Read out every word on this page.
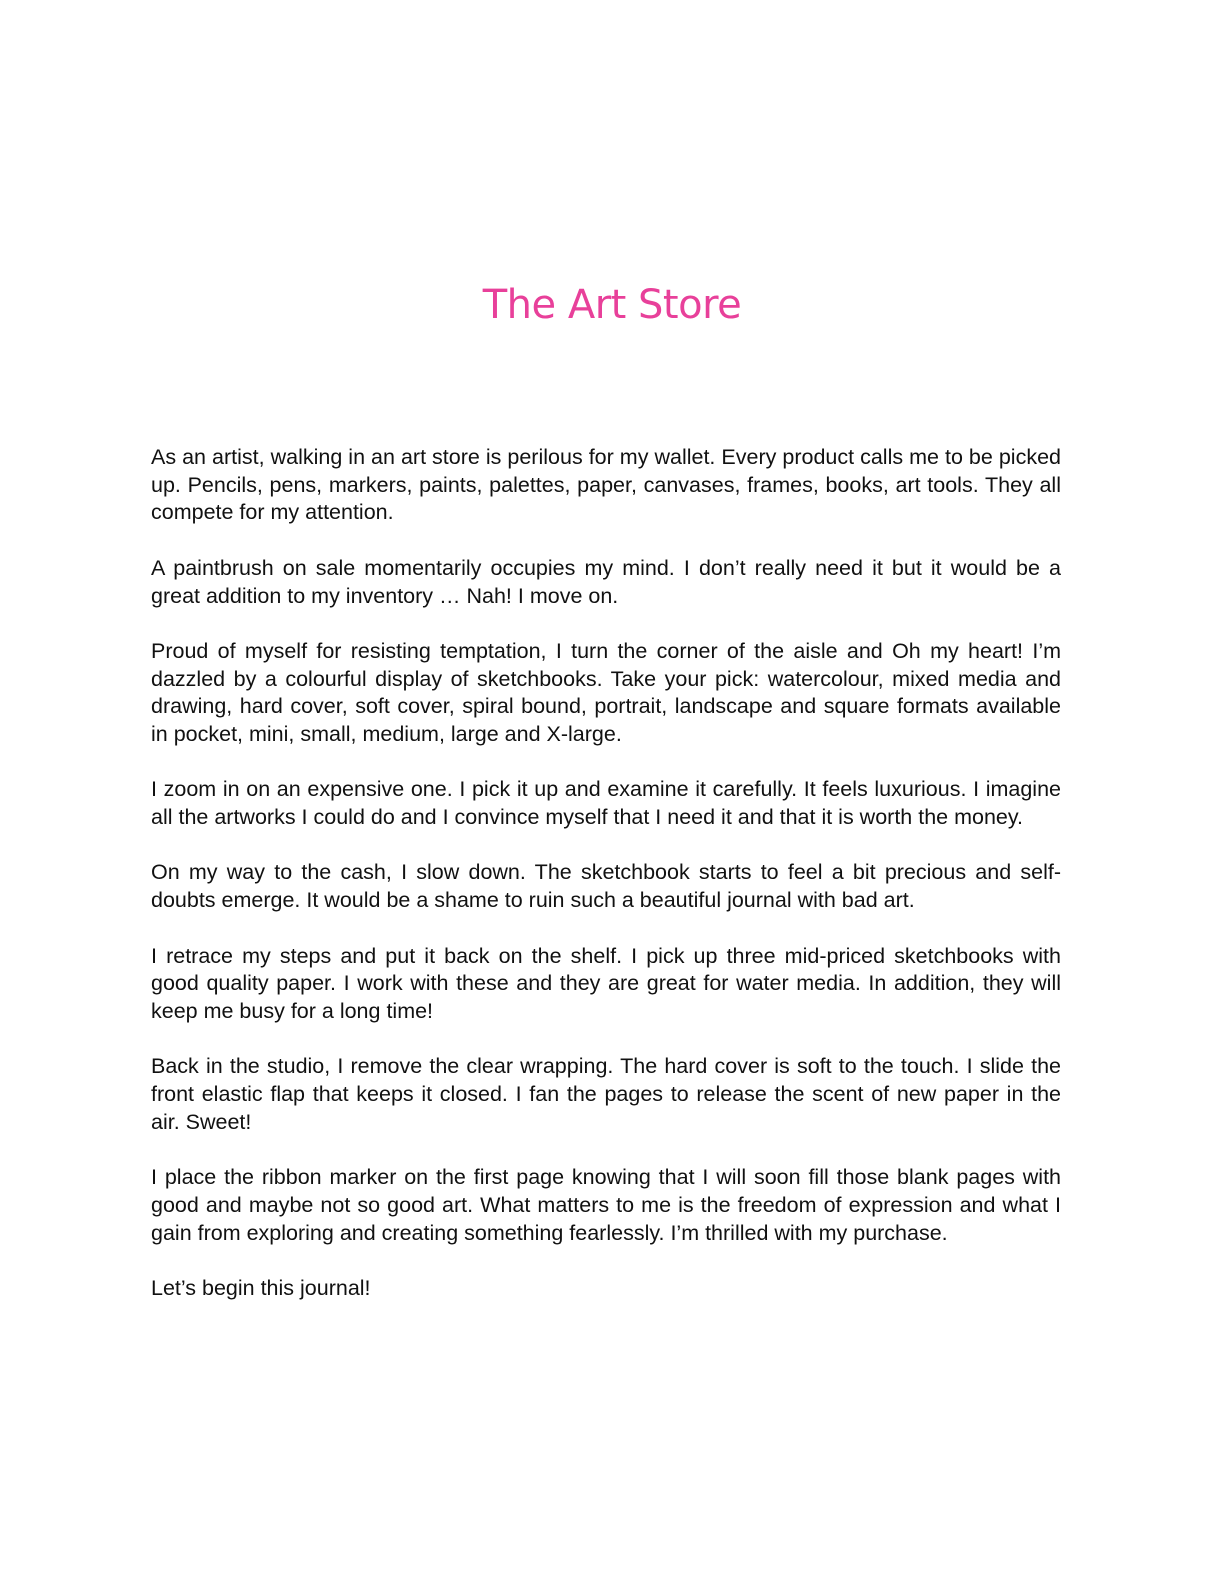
The Art Store

As an artist, walking in an art store is perilous for my wallet. Every product calls me to be picked up. Pencils, pens, markers, paints, palettes, paper, canvases, frames, books, art tools. They all compete for my attention.

A paintbrush on sale momentarily occupies my mind. I don’t really need it but it would be a great addition to my inventory … Nah! I move on.

Proud of myself for resisting temptation, I turn the corner of the aisle and Oh my heart! I’m dazzled by a colourful display of sketchbooks. Take your pick: watercolour, mixed media and drawing, hard cover, soft cover, spiral bound, portrait, landscape and square formats available in pocket, mini, small, medium, large and X-large.

I zoom in on an expensive one. I pick it up and examine it carefully. It feels luxurious. I imagine all the artworks I could do and I convince myself that I need it and that it is worth the money.

On my way to the cash, I slow down. The sketchbook starts to feel a bit precious and self-doubts emerge. It would be a shame to ruin such a beautiful journal with bad art.

I retrace my steps and put it back on the shelf. I pick up three mid-priced sketchbooks with good quality paper. I work with these and they are great for water media. In addition, they will keep me busy for a long time!

Back in the studio, I remove the clear wrapping. The hard cover is soft to the touch. I slide the front elastic flap that keeps it closed. I fan the pages to release the scent of new paper in the air. Sweet!

I place the ribbon marker on the first page knowing that I will soon fill those blank pages with good and maybe not so good art. What matters to me is the freedom of expression and what I gain from exploring and creating something fearlessly. I’m thrilled with my purchase.

Let’s begin this journal!
